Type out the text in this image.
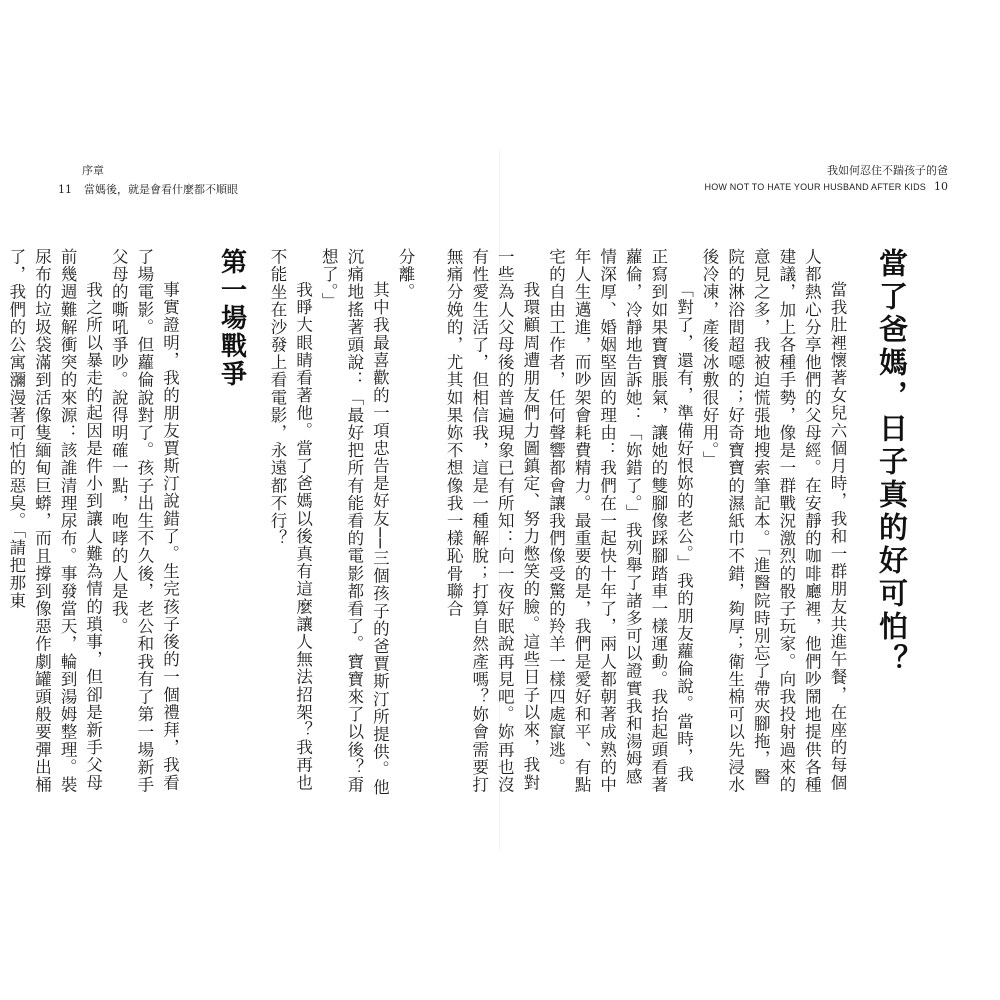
序章
11	當媽後，就是會看什麼都不順眼
我如何忍住不踹孩子的爸
HOW NOT TO HATE YOUR HUSBAND AFTER KIDS 10
當了爸媽，日子真的好可怕？

當我肚裡懷著女兒六個月時，我和一群朋友共進午餐，在座的每個人都熱心分享他們的父母經。在安靜的咖啡廳裡，他們吵鬧地提供各種建議，加上各種手勢，像是一群戰況激烈的骰子玩家。向我投射過來的意見之多，我被迫慌張地搜索筆記本。「進醫院時別忘了帶夾腳拖，醫院的淋浴間超噁的；好奇寶寶的濕紙巾不錯，夠厚；衛生棉可以先浸水後冷凍，產後冰敷很好用。」

「對了，還有，準備好恨妳的老公。」我的朋友蘿倫說。當時，我正寫到如果寶寶脹氣，讓她的雙腳像踩腳踏車一樣運動。我抬起頭看著蘿倫，冷靜地告訴她：「妳錯了。」我列舉了諸多可以證實我和湯姆感情深厚、婚姻堅固的理由：我們在一起快十年了，兩人都朝著成熟的中年人生邁進，而吵架會耗費精力。最重要的是，我們是愛好和平、有點宅的自由工作者，任何聲響都會讓我們像受驚的羚羊一樣四處竄逃。

我環顧周遭朋友們力圖鎮定、努力憋笑的臉。這些日子以來，我對一些為人父母後的普遍現象已有所知：向一夜好眠說再見吧。妳再也沒有性愛生活了，但相信我，這是一種解脫；打算自然產嗎？妳會需要打無痛分娩的，尤其如果妳不想像我一樣恥骨聯合

分離。

其中我最喜歡的一項忠告是好友──三個孩子的爸賈斯汀所提供。他沉痛地搖著頭說：「最好把所有能看的電影都看了。寶寶來了以後？甭想了。」

我睜大眼睛看著他。當了爸媽以後真有這麼讓人無法招架？我再也不能坐在沙發上看電影，永遠都不行？

第一場戰爭

事實證明，我的朋友賈斯汀說錯了。生完孩子後的一個禮拜，我看了場電影。但蘿倫說對了。孩子出生不久後，老公和我有了第一場新手父母的嘶吼爭吵。說得明確一點，咆哮的人是我。

我之所以暴走的起因是件小到讓人難為情的瑣事，但卻是新手父母前幾週難解衝突的來源：該誰清理尿布。事發當天，輪到湯姆整理。裝尿布的垃圾袋滿到活像隻緬甸巨蟒，而且撐到像惡作劇罐頭般要彈出桶了，我們的公寓瀰漫著可怕的惡臭。「請把那東
